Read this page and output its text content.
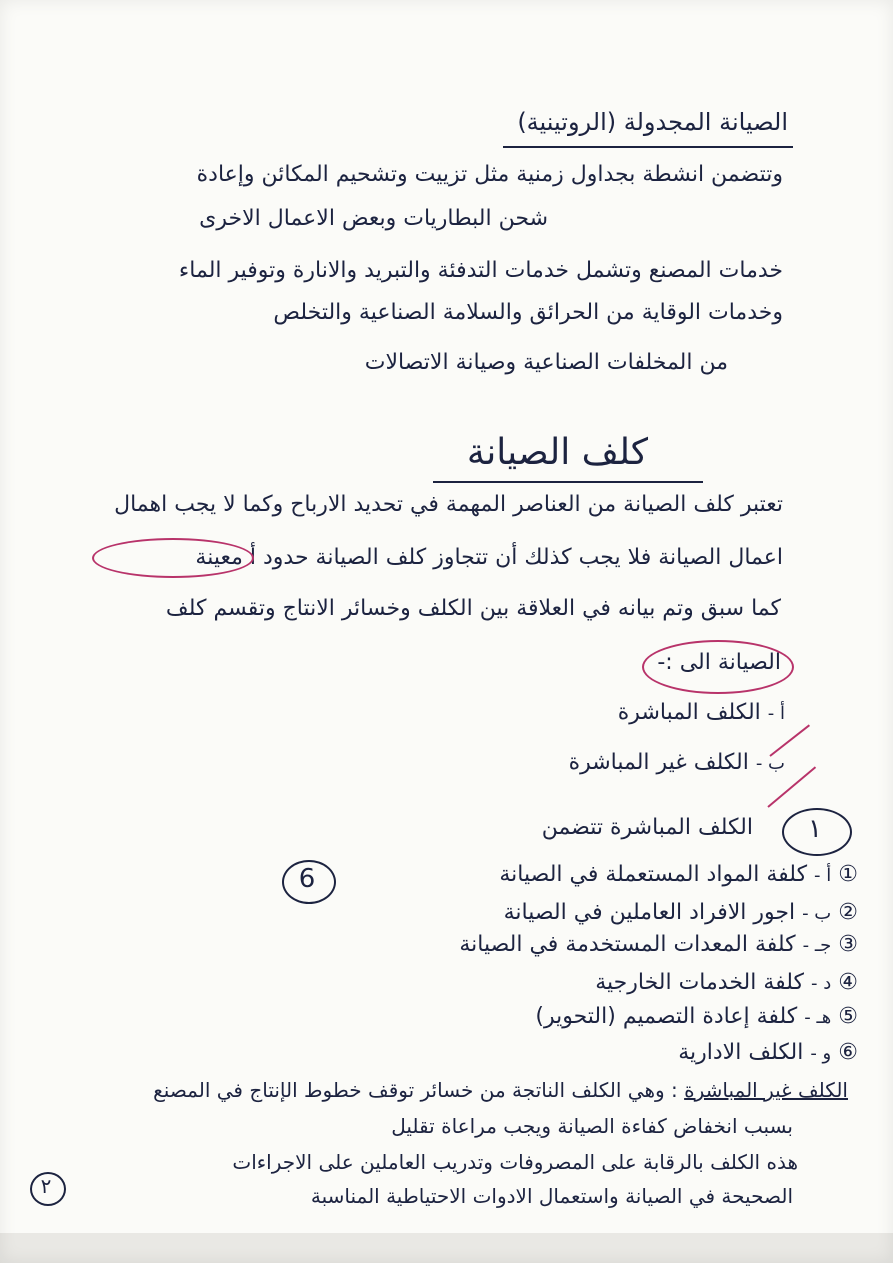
الصيانة المجدولة (الروتينية)
وتتضمن انشطة بجداول زمنية مثل تزييت وتشحيم المكائن وإعادة
شحن البطاريات وبعض الاعمال الاخرى
خدمات المصنع وتشمل خدمات التدفئة والتبريد والانارة وتوفير الماء
وخدمات الوقاية من الحرائق والسلامة الصناعية والتخلص
من المخلفات الصناعية وصيانة الاتصالات
كلف الصيانة
تعتبر كلف الصيانة من العناصر المهمة في تحديد الارباح وكما لا يجب اهمال
اعمال الصيانة فلا يجب كذلك أن تتجاوز كلف الصيانة حدود أ معينة
كما سبق وتم بيانه في العلاقة بين الكلف وخسائر الانتاج وتقسم كلف
الصيانة الى :-
أ - الكلف المباشرة
ب - الكلف غير المباشرة
١
الكلف المباشرة تتضمن
6	① أ - كلفة المواد المستعملة في الصيانة
② ب - اجور الافراد العاملين في الصيانة
③ جـ - كلفة المعدات المستخدمة في الصيانة
④ د - كلفة الخدمات الخارجية
⑤ هـ - كلفة إعادة التصميم (التحوير)
⑥ و - الكلف الادارية
الكلف غير المباشرة : وهي الكلف الناتجة من خسائر توقف خطوط الإنتاج في المصنع
بسبب انخفاض كفاءة الصيانة ويجب مراعاة تقليل
هذه الكلف بالرقابة على المصروفات وتدريب العاملين على الاجراءات
الصحيحة في الصيانة واستعمال الادوات الاحتياطية المناسبة
٢
